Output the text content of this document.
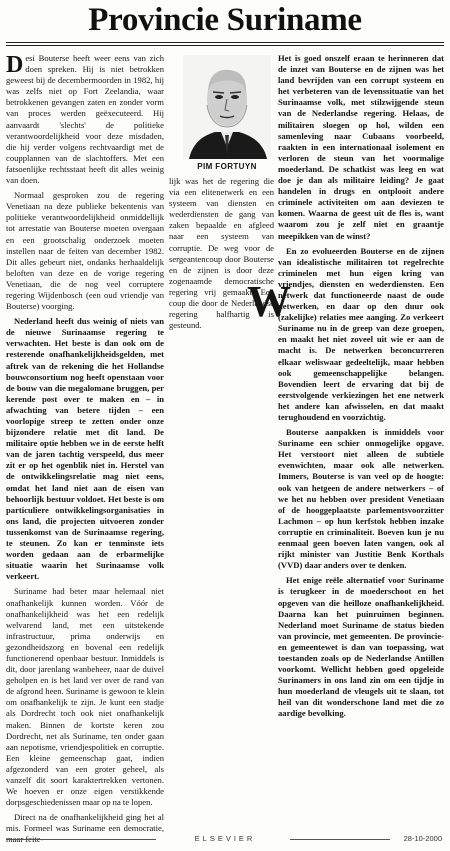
Provincie Suriname

Desi Bouterse heeft weer eens van zich doen spreken. Hij is niet betrokken geweest bij de decembermoorden in 1982, hij was zelfs niet op Fort Zeelandia, waar betrokkenen gevangen zaten en zonder vorm van proces werden geëxecuteerd. Hij aanvaardt 'slechts' de politieke verantwoordelijkheid voor deze misdaden, die hij verder volgens rechtvaardigt met de coupplannen van de slachtoffers. Met een fatsoenlijke rechtsstaat heeft dit alles weinig van doen.

Normaal gesproken zou de regering Venetiaan na deze publieke bekentenis van politieke verantwoordelijkheid onmiddellijk tot arrestatie van Bouterse moeten overgaan en een grootschalig onderzoek moeten instellen naar de feiten van december 1982. Dit alles gebeurt niet, ondanks herhaaldelijk beloften van deze en de vorige regering Venetiaan, die de nog veel corruptere regering Wijdenbosch (een oud vriendje van Bouterse) voorging.

Nederland heeft dus weinig of niets van de nieuwe Surinaamse regering te verwachten. Het beste is dan ook om de resterende onafhankelijkheidsgelden, met aftrek van de rekening die het Hollandse bouwconsortium nog heeft openstaan voor de bouw van die megalomane bruggen, per kerende post over te maken en – in afwachting van betere tijden – een voorlopige streep te zetten onder onze bijzondere relatie met dit land. De militaire optie hebben we in de eerste helft van de jaren tachtig verspeeld, dus meer zit er op het ogenblik niet in. Herstel van de ontwikkelingsrelatie mag niet eens, omdat het land niet aan de eisen van behoorlijk bestuur voldoet. Het beste is om particuliere ontwikkelingsorganisaties in ons land, die projecten uitvoeren zonder tussenkomst van de Surinaamse regering, te steunen. Zo kan er tenminste iets worden gedaan aan de erbarmelijke situatie waarin het Surinaamse volk verkeert.

Suriname had beter maar helemaal niet onafhankelijk kunnen worden. Vóór de onafhankelijkheid was het een redelijk welvarend land, met een uitstekende infrastructuur, prima onderwijs en gezondheidszorg en bovenal een redelijk functionerend openbaar bestuur. Inmiddels is dit, door jarenlang wanbeheer, naar de duivel geholpen en is het land ver over de rand van de afgrond heen. Suriname is gewoon te klein om onafhankelijk te zijn. Je kunt een stadje als Dordrecht toch ook niet onafhankelijk maken. Binnen de kortste keren zou Dordrecht, net als Suriname, ten onder gaan aan nepotisme, vriendjespolitiek en corruptie. Een kleine gemeenschap gaat, indien afgezonderd van een groter geheel, als vanzelf dit soort karaktertrekken vertonen. We hoeven er onze eigen verstikkende dorpsgeschiedenissen maar op na te lopen.

Direct na de onafhankelijkheid ging het al mis. Formeel was Suriname een democratie,

PIM FORTUYN

lijk was het de regering die via een elitenetwerk en een systeem van diensten en wederdiensten de gang van zaken bepaalde en afgleed naar een systeem van corruptie. De weg voor de sergeantencoup door Bouterse en de zijnen is door deze zogenaamde democratische regering vrij gemaakt. Een coup die door de Nederlandse regering halfhartig is gesteund.

Het is goed onszelf eraan te herinneren dat de inzet van Bouterse en de zijnen was het land bevrijden van een corrupt systeem en het verbeteren van de levenssituatie van het Surinaamse volk, met stilzwijgende steun van de Nederlandse regering. Helaas, de militairen sloegen op hol, wilden een samenleving naar Cubaans voorbeeld, raakten in een internationaal isolement en verloren de steun van het voormalige moederland. De schatkist was leeg en wat doe je dan als militaire leiding? Je gaat handelen in drugs en ontplooit andere criminele activiteiten om aan deviezen te komen. Waarna de geest uit de fles is, want waarom zou je zelf niet en graantje meepikken van de winst?

En zo evolueerden Bouterse en de zijnen van idealistische militairen tot regelrechte criminelen met hun eigen kring van vriendjes, diensten en wederdiensten. Een netwerk dat functioneerde naast de oude netwerken, en daar op den duur ook (zakelijke) relaties mee aanging. Zo verkeert Suriname nu in de greep van deze groepen, en maakt het niet zoveel uit wie er aan de macht is. De netwerken beconcurreren elkaar weliswaar gedeeltelijk, maar hebben ook gemeenschappelijke belangen. Bovendien leert de ervaring dat bij de eerstvolgende verkiezingen het ene netwerk het andere kan afwisselen, en dat maakt terughoudend en voorzichtig.

Bouterse aanpakken is inmiddels voor Suriname een schier onmogelijke opgave. Het verstoort niet alleen de subtiele evenwichten, maar ook alle netwerken. Immers, Bouterse is van veel op de hoogte: ook van hetgeen de andere netwerkers – of we het nu hebben over president Venetiaan of de hooggeplaatste parlementsvoorzitter Lachmon – op hun kerfstok hebben inzake corruptie en criminaliteit. Boeven kun je nu eenmaal geen boeven laten vangen, ook al rijkt minister van Justitie Benk Korthals (VVD) daar anders over te denken.

Het enige reële alternatief voor Suriname is terugkeer in de moederschoot en het opgeven van die heilloze onafhankelijkheid. Daarna kan het puinruimen beginnen. Nederland moet Suriname de status bieden van provincie, met gemeenten. De provincie- en gemeentewet is dan van toepassing, wat toestanden zoals op de Nederlandse Antillen voorkomt. Wellicht hebben goed opgeleide Surinamers in ons land zin om een tijdje in hun moederland de vleugels uit te slaan, tot heil van dit wonderschone land met die zo aardige bevolking.

W
ELSEVIER	28-10-2000
